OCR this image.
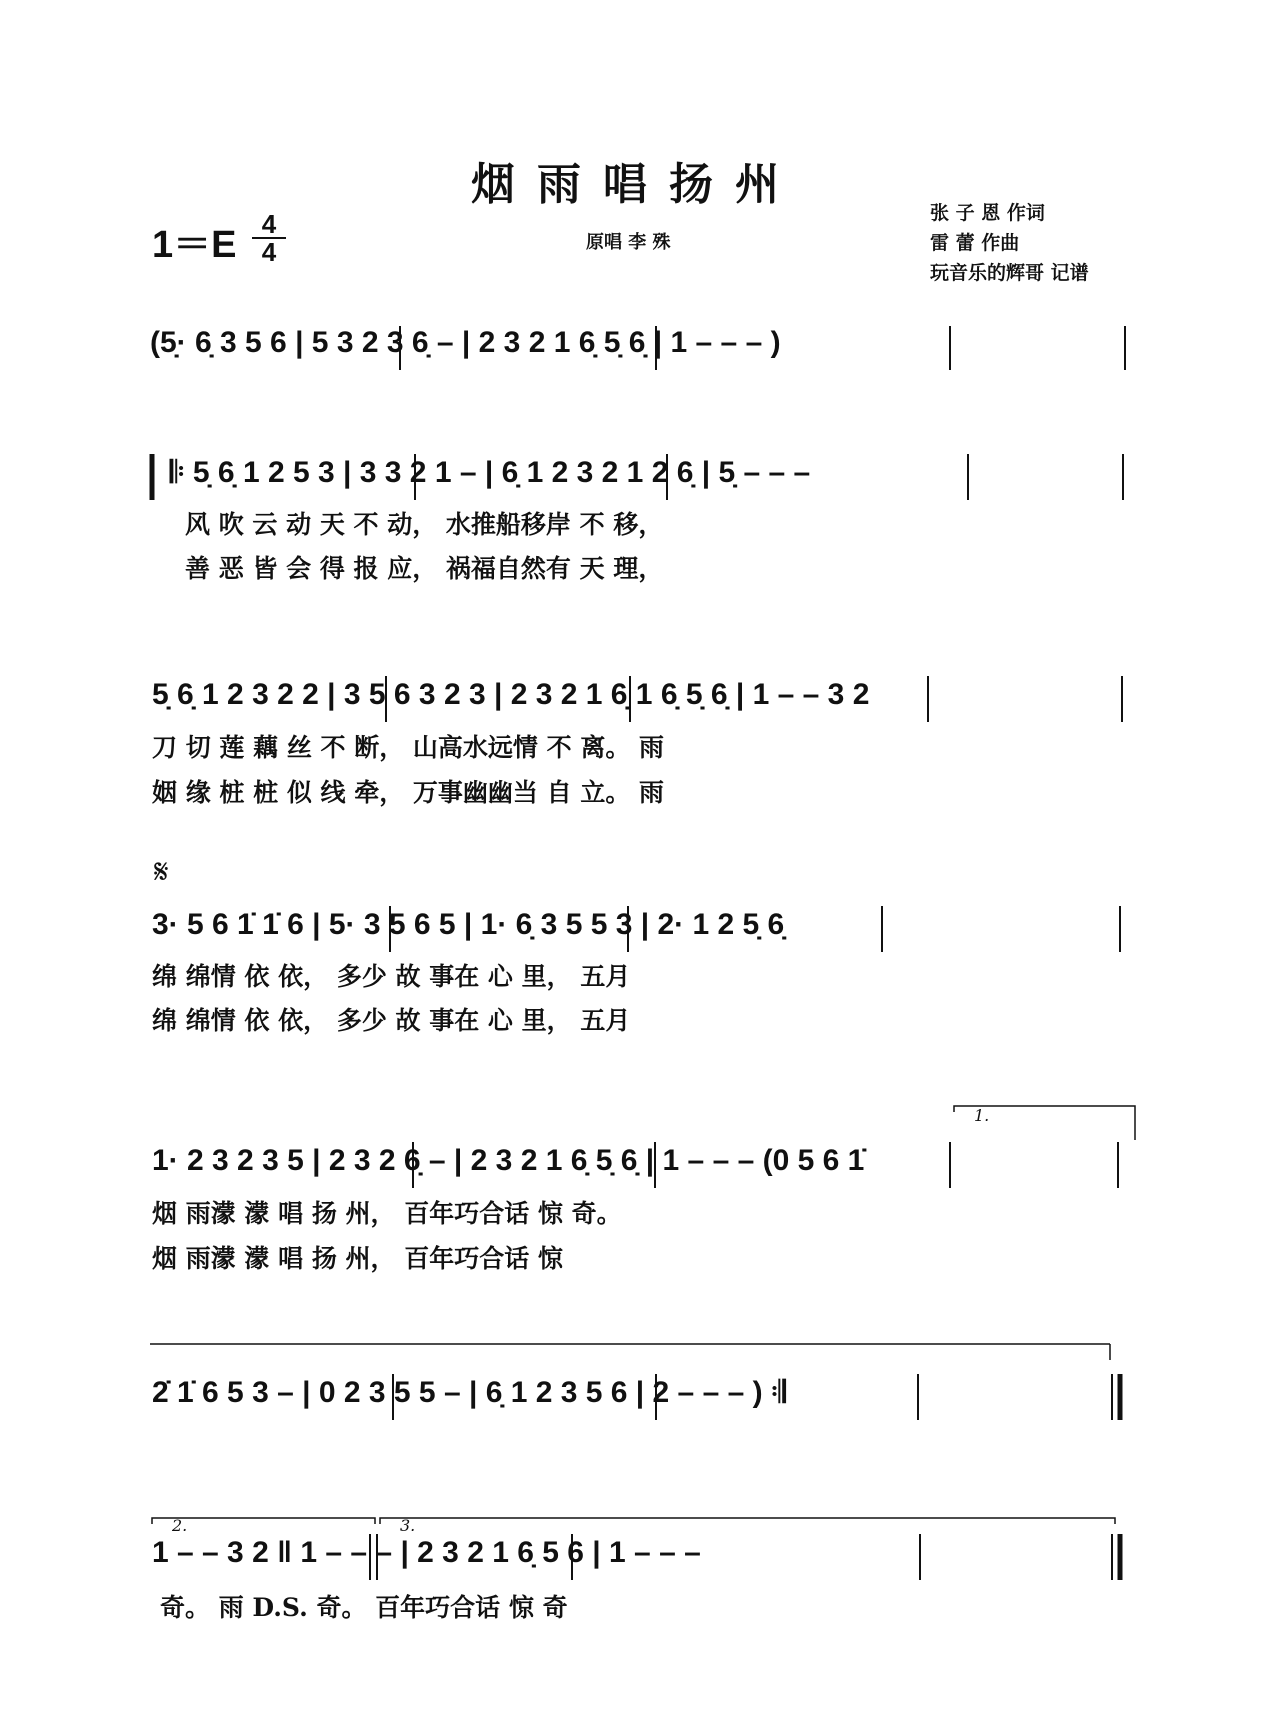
烟雨唱扬州
1＝E 4
4	原唱 李 殊
张 子 恩 作词
雷 蕾 作曲
玩音乐的辉哥 记谱
𝄋
(5̣· 6̣ 3 5 6 | 5 3 2 3 6̣ – | 2 3 2 1 6̣ 5̣ 6̣ | 1 – – – )
𝄆 5̣ 6̣ 1 2 5 3 | 3 3 2 1 – | 6̣ 1 2 3 2 1 2 6̣ | 5̣ – – –
风 吹 云 动 天 不 动， 水推船移岸 不 移，
善 恶 皆 会 得 报 应， 祸福自然有 天 理，
5̣ 6̣ 1 2 3 2 2 | 3 5 6 3 2 3 | 2 3 2 1 6̣ 1 6̣ 5̣ 6̣ | 1 – – 3 2
刀 切 莲 藕 丝 不 断， 山高水远情 不 离。 雨
姻 缘 桩 桩 似 线 牵， 万事幽幽当 自 立。 雨
3· 5 6 1̇ 1̇ 6 | 5· 3 5 6 5 | 1· 6̣ 3 5 5 3 | 2· 1 2 5̣ 6̣
绵 绵情 依 依， 多少 故 事在 心 里， 五月
绵 绵情 依 依， 多少 故 事在 心 里， 五月
1.
1· 2 3 2 3 5 | 2 3 2 6̣ – | 2 3 2 1 6̣ 5̣ 6̣ | 1 – – – (0 5 6 1̇
烟 雨濛 濛 唱 扬 州， 百年巧合话 惊 奇。
烟 雨濛 濛 唱 扬 州， 百年巧合话 惊
2̇ 1̇ 6 5 3 – | 0 2 3 5 5 – | 6̣ 1 2 3 5 6 | 2 – – – ) 𝄇
2.	3.
1 – – 3 2 ‖ 1 – – – | 2 3 2 1 6̣ 5 6 | 1 – – –
奇。 雨 D.S. 奇。 百年巧合话 惊 奇
